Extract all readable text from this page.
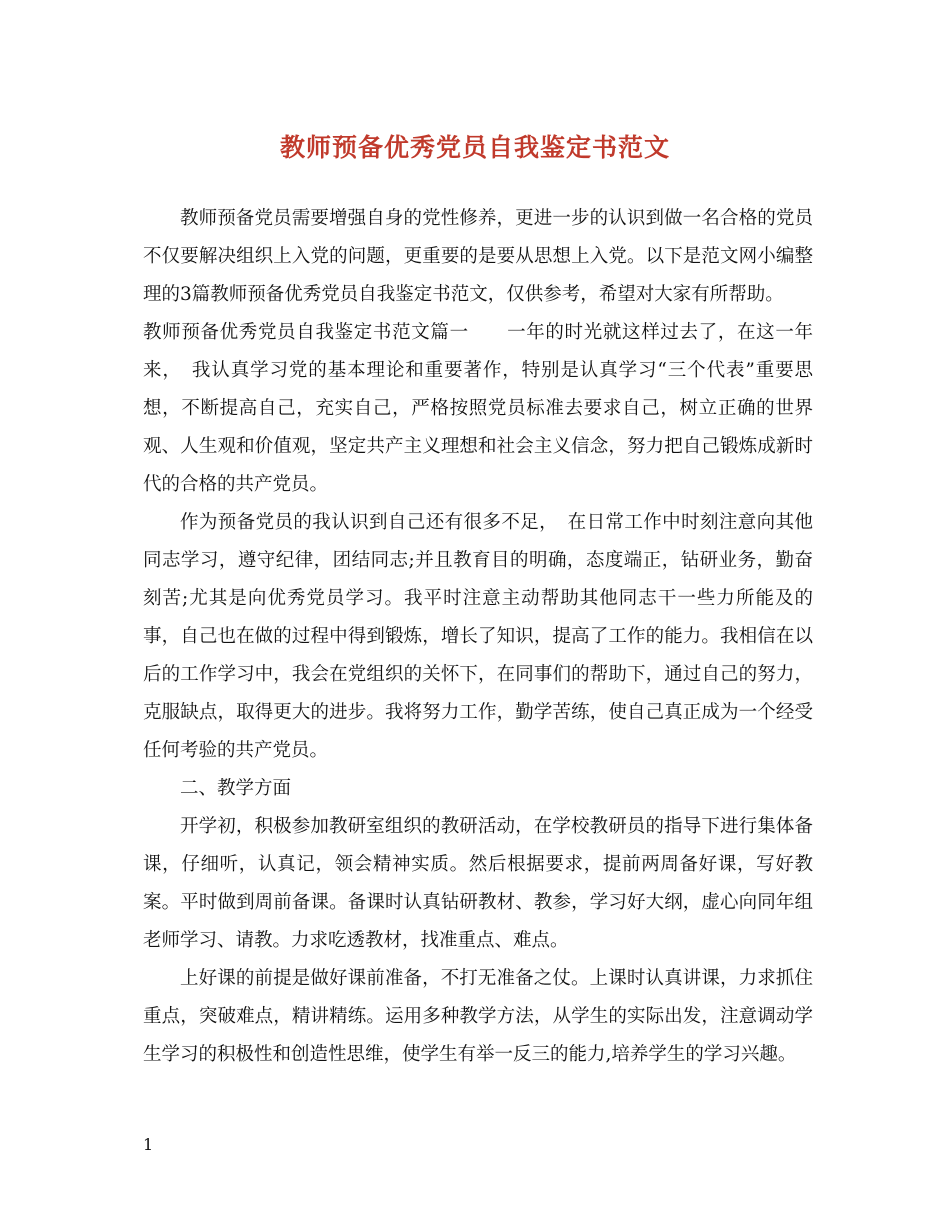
教师预备优秀党员自我鉴定书范文

教师预备党员需要增强自身的党性修养，更进一步的认识到做一名合格的党员不仅要解决组织上入党的问题，更重要的是要从思想上入党。以下是范文网小编整理的3篇教师预备优秀党员自我鉴定书范文，仅供参考，希望对大家有所帮助。

教师预备优秀党员自我鉴定书范文篇一　　一年的时光就这样过去了，在这一年来，　我认真学习党的基本理论和重要著作，特别是认真学习“三个代表”重要思想，不断提高自己，充实自己，严格按照党员标准去要求自己，树立正确的世界观、人生观和价值观，坚定共产主义理想和社会主义信念，努力把自己锻炼成新时代的合格的共产党员。

作为预备党员的我认识到自己还有很多不足，　在日常工作中时刻注意向其他同志学习，遵守纪律，团结同志;并且教育目的明确，态度端正，钻研业务，勤奋刻苦;尤其是向优秀党员学习。我平时注意主动帮助其他同志干一些力所能及的事，自己也在做的过程中得到锻炼，增长了知识，提高了工作的能力。我相信在以后的工作学习中，我会在党组织的关怀下，在同事们的帮助下，通过自己的努力，克服缺点，取得更大的进步。我将努力工作，勤学苦练，使自己真正成为一个经受任何考验的共产党员。

二、教学方面

开学初，积极参加教研室组织的教研活动，在学校教研员的指导下进行集体备课，仔细听，认真记，领会精神实质。然后根据要求，提前两周备好课，写好教案。平时做到周前备课。备课时认真钻研教材、教参，学习好大纲，虚心向同年组老师学习、请教。力求吃透教材，找准重点、难点。

上好课的前提是做好课前准备，不打无准备之仗。上课时认真讲课，力求抓住重点，突破难点，精讲精练。运用多种教学方法，从学生的实际出发，注意调动学生学习的积极性和创造性思维，使学生有举一反三的能力,培养学生的学习兴趣。

1
